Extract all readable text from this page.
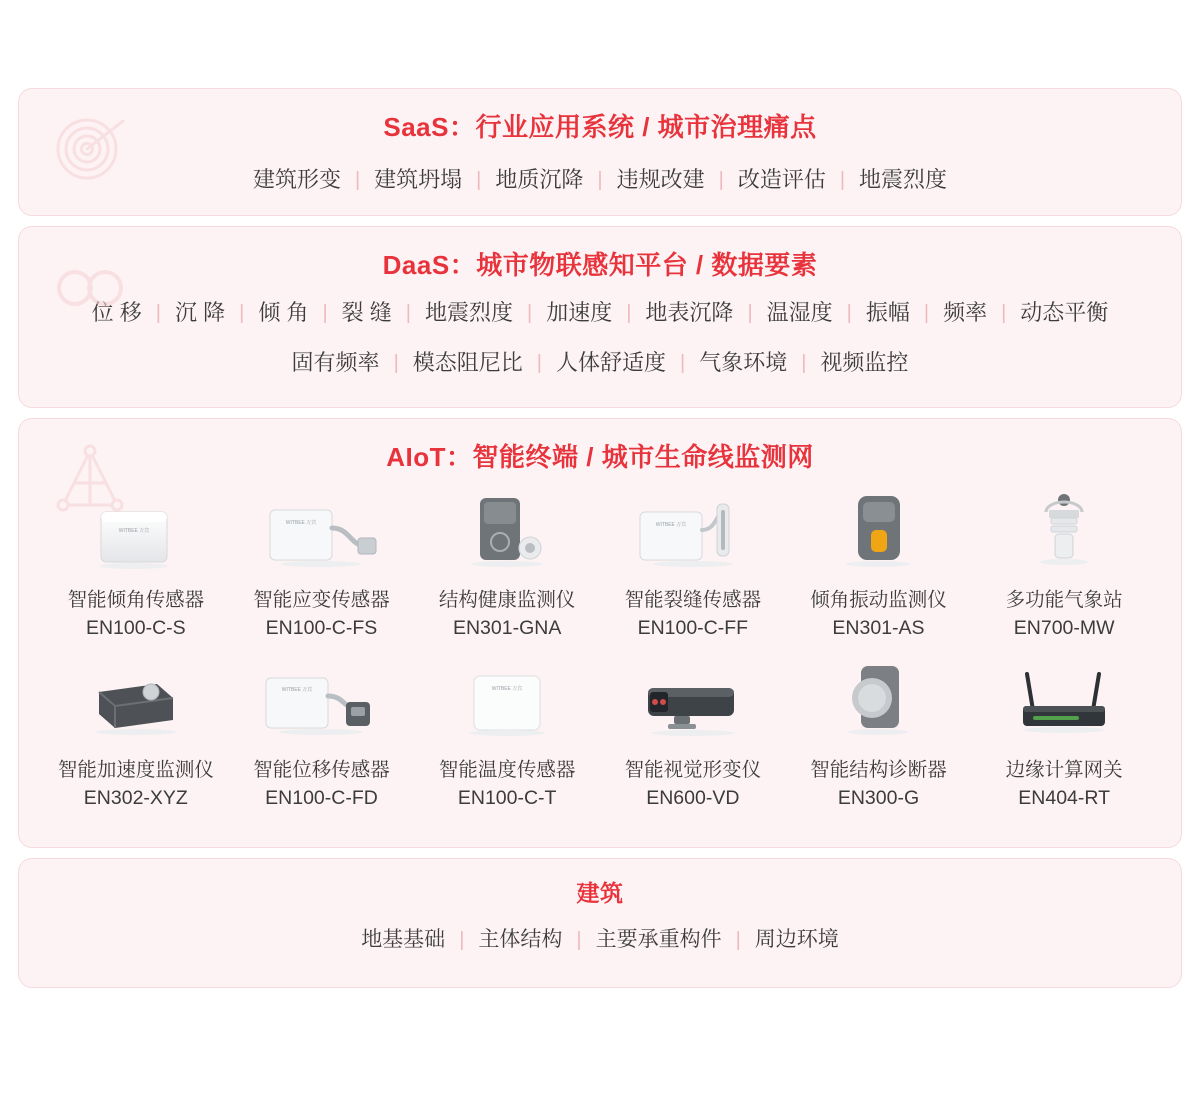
SaaS：行业应用系统 / 城市治理痛点
建筑形变 | 建筑坍塌 | 地质沉降 | 违规改建 | 改造评估 | 地震烈度
DaaS：城市物联感知平台 / 数据要素
位 移 | 沉 降 | 倾 角 | 裂 缝 | 地震烈度 | 加速度 | 地表沉降 | 温湿度 | 振幅 | 频率 | 动态平衡
固有频率 | 模态阻尼比 | 人体舒适度 | 气象环境 | 视频监控
AIoT：智能终端 / 城市生命线监测网
WITBEE 万宾
智能倾角传感器
EN100-C-S
WITBEE 万宾
智能应变传感器
EN100-C-FS
结构健康监测仪
EN301-GNA
WITBEE 万宾
智能裂缝传感器
EN100-C-FF
倾角振动监测仪
EN301-AS
多功能气象站
EN700-MW
智能加速度监测仪
EN302-XYZ
WITBEE 万宾
智能位移传感器
EN100-C-FD
WITBEE 万宾
智能温度传感器
EN100-C-T
智能视觉形变仪
EN600-VD
智能结构诊断器
EN300-G
边缘计算网关
EN404-RT
建筑
地基基础 | 主体结构 | 主要承重构件 | 周边环境
